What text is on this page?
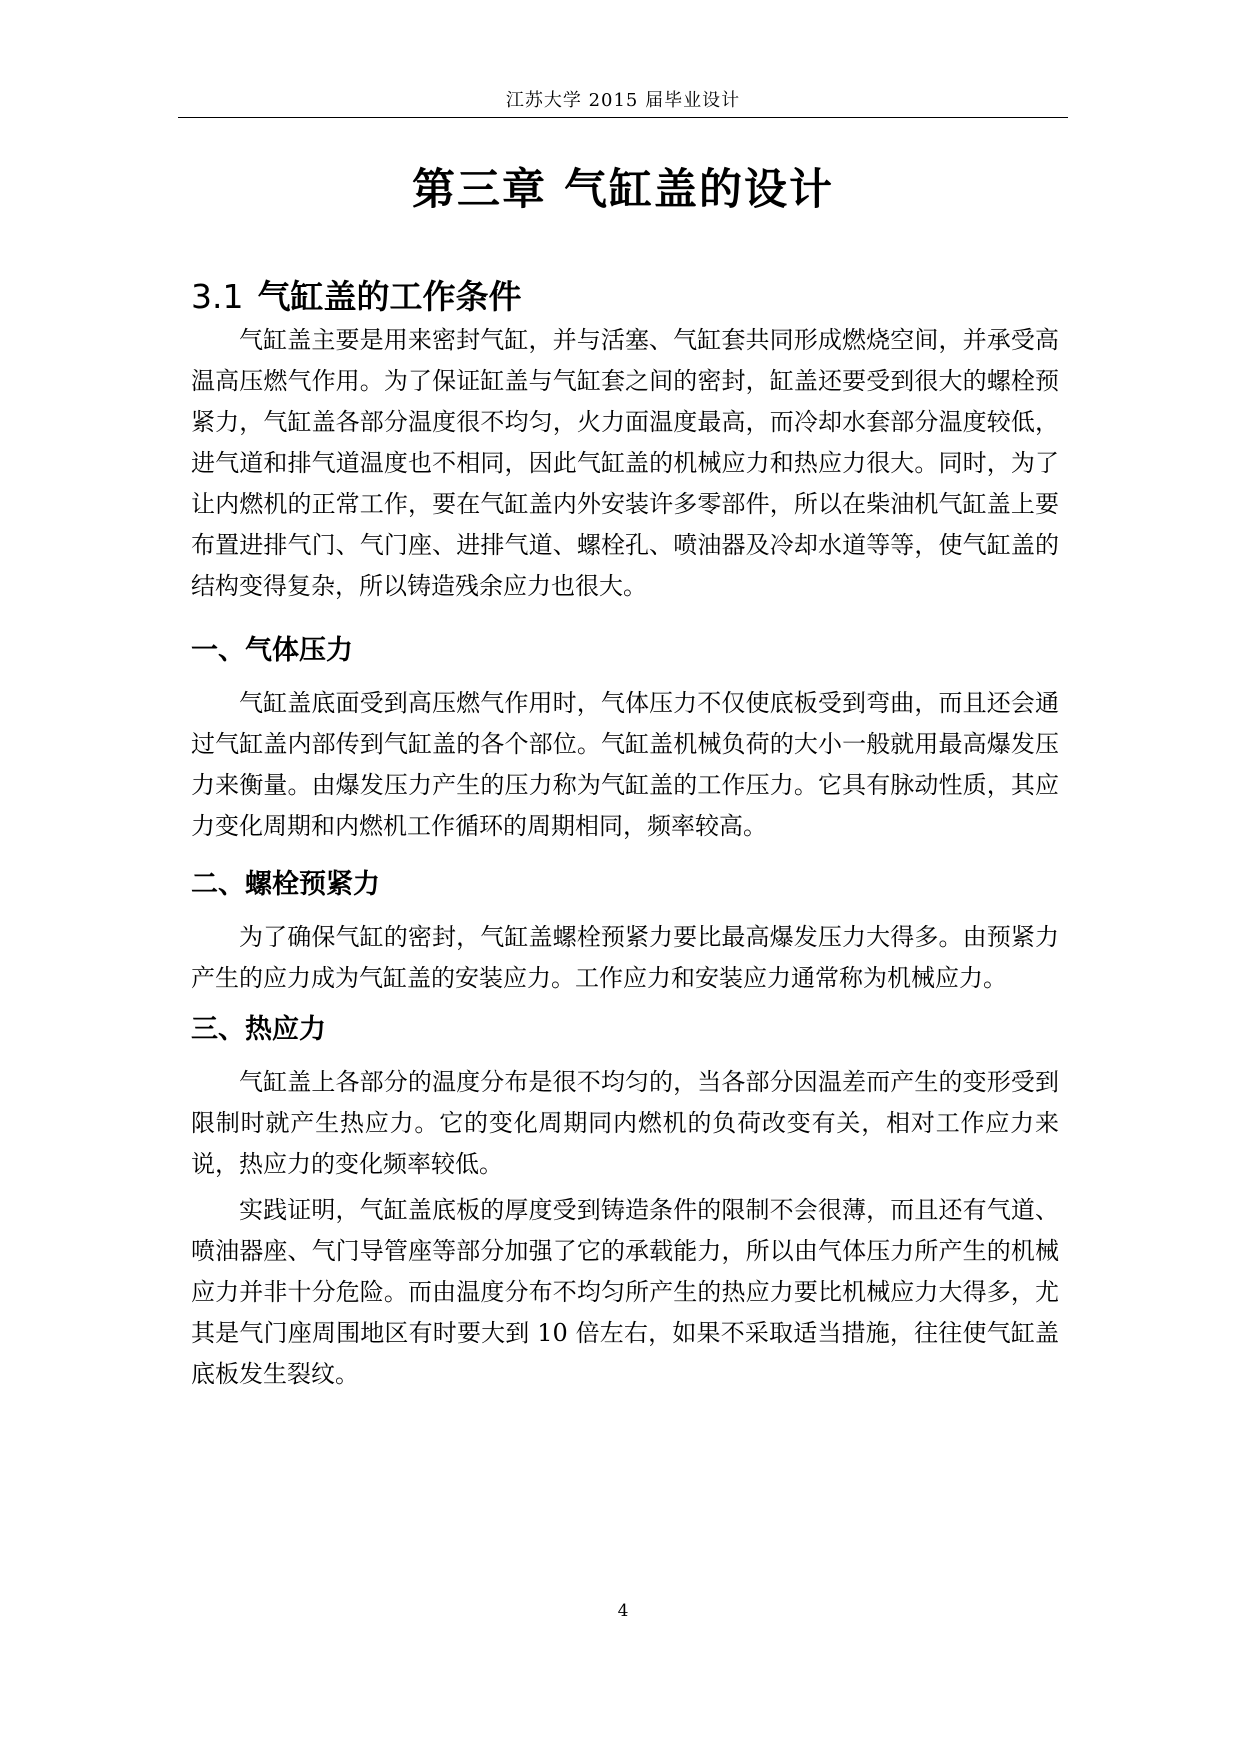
江苏大学 2015 届毕业设计
第三章 气缸盖的设计
3.1 气缸盖的工作条件

气缸盖主要是用来密封气缸，并与活塞、气缸套共同形成燃烧空间，并承受高温高压燃气作用。为了保证缸盖与气缸套之间的密封，缸盖还要受到很大的螺栓预紧力，气缸盖各部分温度很不均匀，火力面温度最高，而冷却水套部分温度较低，进气道和排气道温度也不相同，因此气缸盖的机械应力和热应力很大。同时，为了让内燃机的正常工作，要在气缸盖内外安装许多零部件，所以在柴油机气缸盖上要布置进排气门、气门座、进排气道、螺栓孔、喷油器及冷却水道等等，使气缸盖的结构变得复杂，所以铸造残余应力也很大。

一、气体压力

气缸盖底面受到高压燃气作用时，气体压力不仅使底板受到弯曲，而且还会通过气缸盖内部传到气缸盖的各个部位。气缸盖机械负荷的大小一般就用最高爆发压力来衡量。由爆发压力产生的压力称为气缸盖的工作压力。它具有脉动性质，其应力变化周期和内燃机工作循环的周期相同，频率较高。

二、螺栓预紧力

为了确保气缸的密封，气缸盖螺栓预紧力要比最高爆发压力大得多。由预紧力产生的应力成为气缸盖的安装应力。工作应力和安装应力通常称为机械应力。

三、热应力

气缸盖上各部分的温度分布是很不均匀的，当各部分因温差而产生的变形受到限制时就产生热应力。它的变化周期同内燃机的负荷改变有关，相对工作应力来说，热应力的变化频率较低。

实践证明，气缸盖底板的厚度受到铸造条件的限制不会很薄，而且还有气道、喷油器座、气门导管座等部分加强了它的承载能力，所以由气体压力所产生的机械应力并非十分危险。而由温度分布不均匀所产生的热应力要比机械应力大得多，尤其是气门座周围地区有时要大到 10 倍左右，如果不采取适当措施，往往使气缸盖底板发生裂纹。

4
